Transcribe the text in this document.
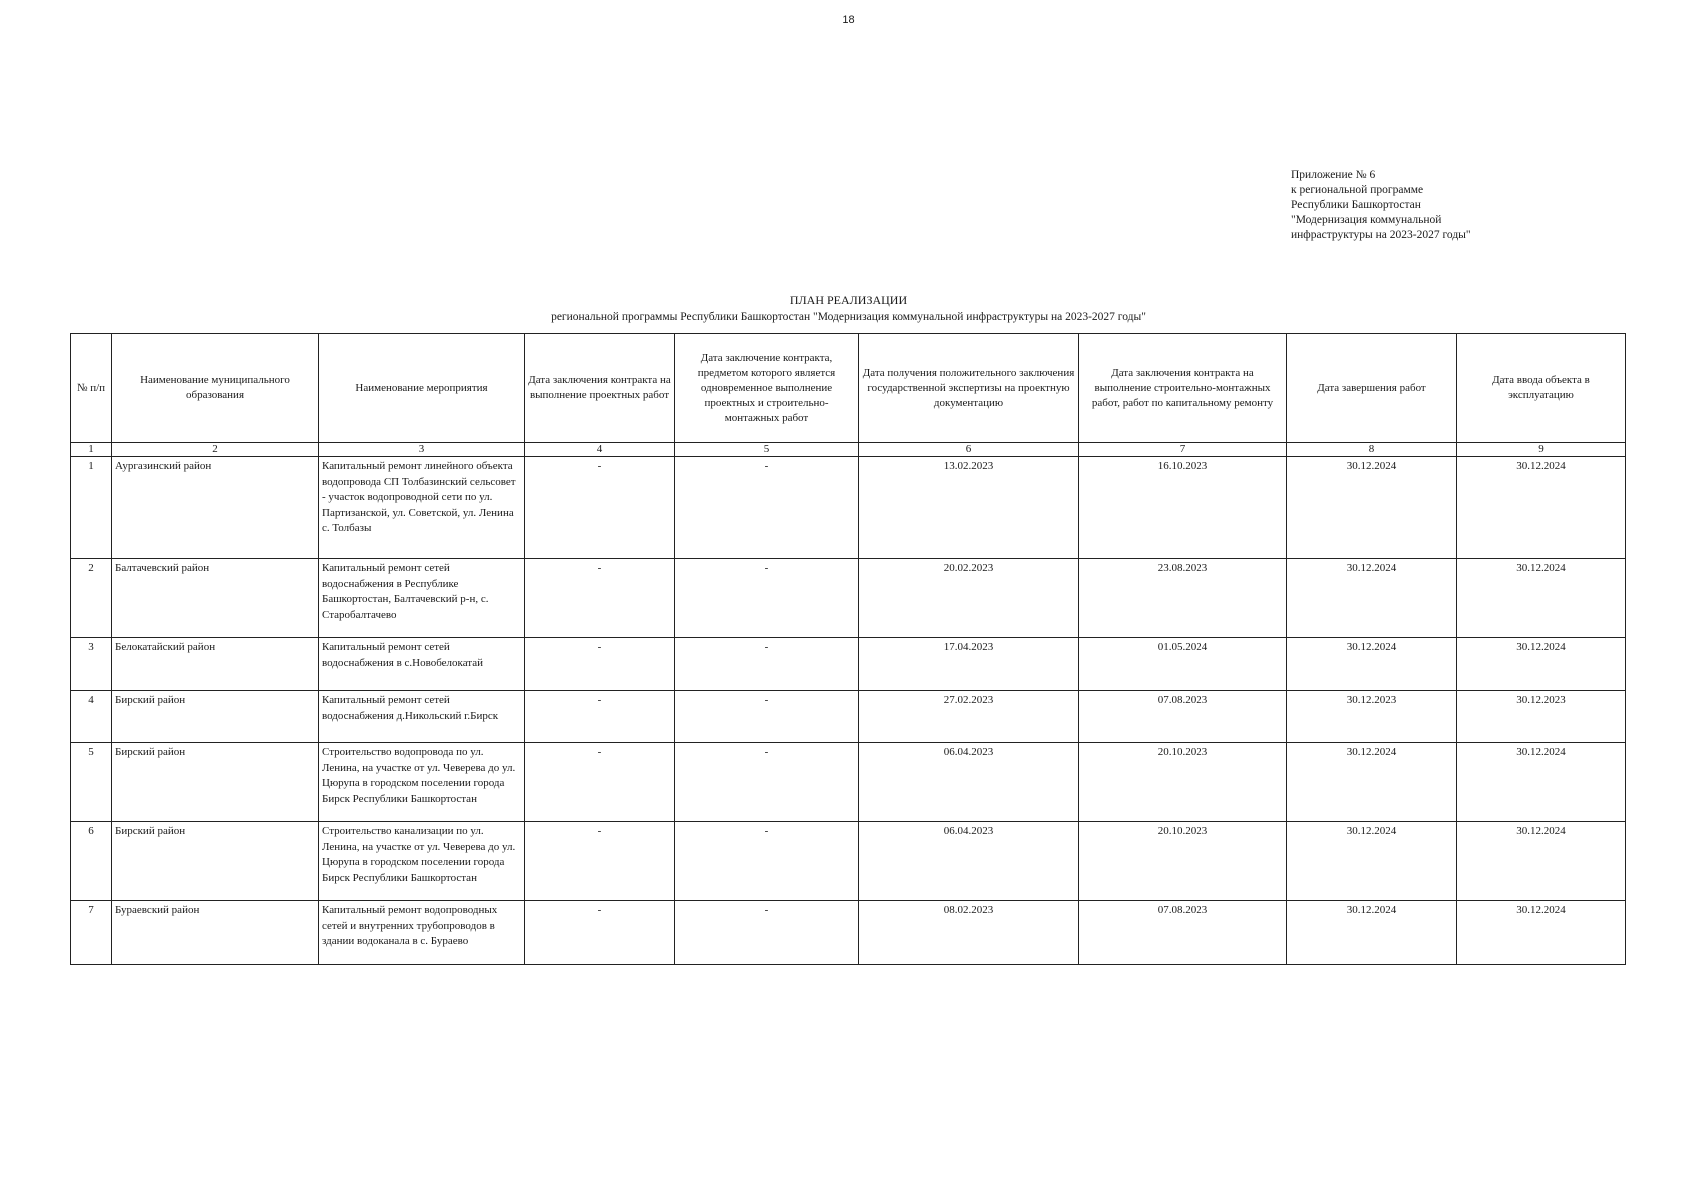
18
Приложение № 6
к региональной программе
Республики Башкортостан
"Модернизация коммунальной
инфраструктуры на 2023-2027 годы"
ПЛАН РЕАЛИЗАЦИИ
региональной программы Республики Башкортостан "Модернизация коммунальной инфраструктуры на 2023-2027 годы"
№ п/п	Наименование муниципального образования	Наименование мероприятия	Дата заключения контракта на выполнение проектных работ	Дата заключение контракта, предметом которого является одновременное выполнение проектных и строительно-монтажных работ	Дата получения положительного заключения государственной экспертизы на проектную документацию	Дата заключения контракта на выполнение строительно-монтажных работ, работ по капитальному ремонту	Дата завершения работ	Дата ввода объекта в эксплуатацию
1	2	3	4	5	6	7	8	9
1	Аургазинский район	Капитальный ремонт линейного объекта водопровода СП Толбазинский сельсовет - участок водопроводной сети по ул. Партизанской, ул. Советской, ул. Ленина с. Толбазы	-	-	13.02.2023	16.10.2023	30.12.2024	30.12.2024
2	Балтачевский район	Капитальный ремонт сетей водоснабжения в Республике Башкортостан, Балтачевский р-н, с. Старобалтачево	-	-	20.02.2023	23.08.2023	30.12.2024	30.12.2024
3	Белокатайский район	Капитальный ремонт сетей водоснабжения в с.Новобелокатай	-	-	17.04.2023	01.05.2024	30.12.2024	30.12.2024
4	Бирский район	Капитальный ремонт сетей водоснабжения д.Никольский г.Бирск	-	-	27.02.2023	07.08.2023	30.12.2023	30.12.2023
5	Бирский район	Строительство водопровода по ул. Ленина, на участке от ул. Чеверева до ул. Цюрупа в городском поселении города Бирск Республики Башкортостан	-	-	06.04.2023	20.10.2023	30.12.2024	30.12.2024
6	Бирский район	Строительство канализации по ул. Ленина, на участке от ул. Чеверева до ул. Цюрупа в городском поселении города Бирск Республики Башкортостан	-	-	06.04.2023	20.10.2023	30.12.2024	30.12.2024
7	Бураевский район	Капитальный ремонт водопроводных сетей и внутренних трубопроводов в здании водоканала в с. Бураево	-	-	08.02.2023	07.08.2023	30.12.2024	30.12.2024
